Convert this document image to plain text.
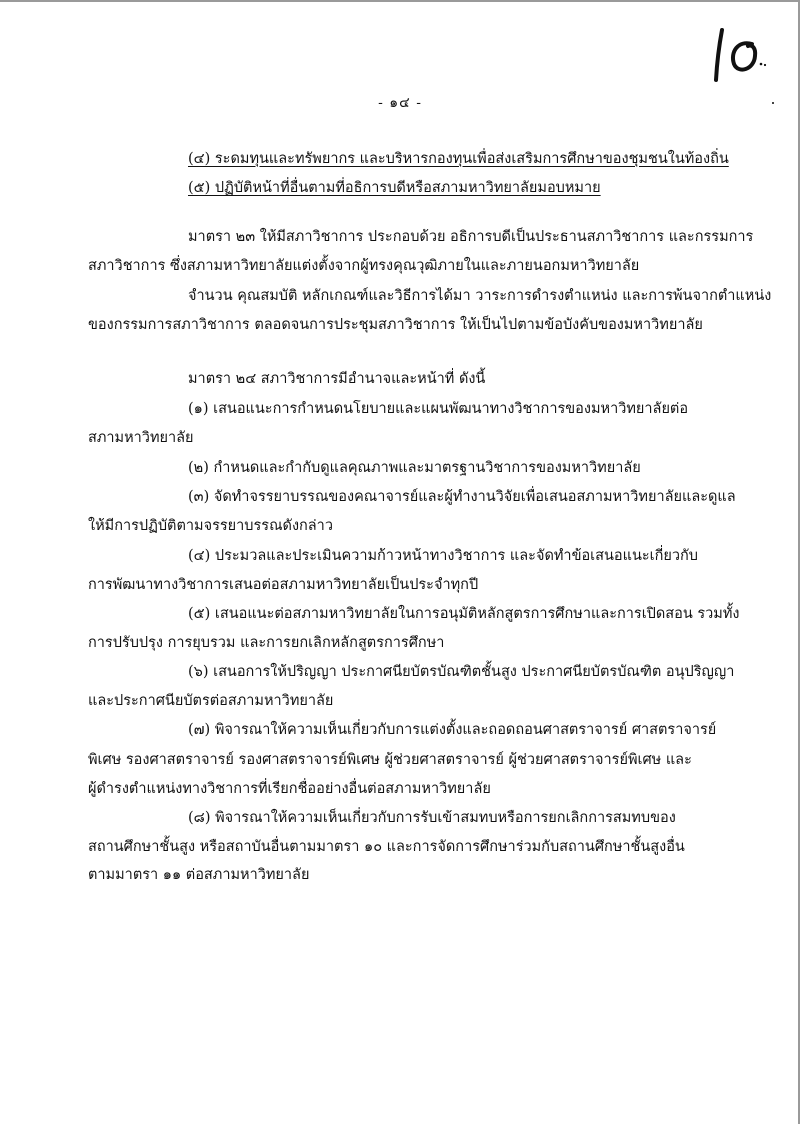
- ๑๔ -
(๔) ระดมทุนและทรัพยากร และบริหารกองทุนเพื่อส่งเสริมการศึกษาของชุมชนในท้องถิ่น
(๕) ปฏิบัติหน้าที่อื่นตามที่อธิการบดีหรือสภามหาวิทยาลัยมอบหมาย
มาตรา ๒๓ ให้มีสภาวิชาการ ประกอบด้วย อธิการบดีเป็นประธานสภาวิชาการ และกรรมการ
สภาวิชาการ ซึ่งสภามหาวิทยาลัยแต่งตั้งจากผู้ทรงคุณวุฒิภายในและภายนอกมหาวิทยาลัย
จำนวน คุณสมบัติ หลักเกณฑ์และวิธีการได้มา วาระการดำรงตำแหน่ง และการพ้นจากตำแหน่ง
ของกรรมการสภาวิชาการ ตลอดจนการประชุมสภาวิชาการ ให้เป็นไปตามข้อบังคับของมหาวิทยาลัย
มาตรา ๒๔ สภาวิชาการมีอำนาจและหน้าที่ ดังนี้
(๑) เสนอแนะการกำหนดนโยบายและแผนพัฒนาทางวิชาการของมหาวิทยาลัยต่อ
สภามหาวิทยาลัย
(๒) กำหนดและกำกับดูแลคุณภาพและมาตรฐานวิชาการของมหาวิทยาลัย
(๓) จัดทำจรรยาบรรณของคณาจารย์และผู้ทำงานวิจัยเพื่อเสนอสภามหาวิทยาลัยและดูแล
ให้มีการปฏิบัติตามจรรยาบรรณดังกล่าว
(๔) ประมวลและประเมินความก้าวหน้าทางวิชาการ และจัดทำข้อเสนอแนะเกี่ยวกับ
การพัฒนาทางวิชาการเสนอต่อสภามหาวิทยาลัยเป็นประจำทุกปี
(๕) เสนอแนะต่อสภามหาวิทยาลัยในการอนุมัติหลักสูตรการศึกษาและการเปิดสอน รวมทั้ง
การปรับปรุง การยุบรวม และการยกเลิกหลักสูตรการศึกษา
(๖) เสนอการให้ปริญญา ประกาศนียบัตรบัณฑิตชั้นสูง ประกาศนียบัตรบัณฑิต อนุปริญญา
และประกาศนียบัตรต่อสภามหาวิทยาลัย
(๗) พิจารณาให้ความเห็นเกี่ยวกับการแต่งตั้งและถอดถอนศาสตราจารย์ ศาสตราจารย์
พิเศษ รองศาสตราจารย์ รองศาสตราจารย์พิเศษ ผู้ช่วยศาสตราจารย์ ผู้ช่วยศาสตราจารย์พิเศษ และ
ผู้ดำรงตำแหน่งทางวิชาการที่เรียกชื่ออย่างอื่นต่อสภามหาวิทยาลัย
(๘) พิจารณาให้ความเห็นเกี่ยวกับการรับเข้าสมทบหรือการยกเลิกการสมทบของ
สถานศึกษาชั้นสูง หรือสถาบันอื่นตามมาตรา ๑๐ และการจัดการศึกษาร่วมกับสถานศึกษาชั้นสูงอื่น
ตามมาตรา ๑๑ ต่อสภามหาวิทยาลัย
